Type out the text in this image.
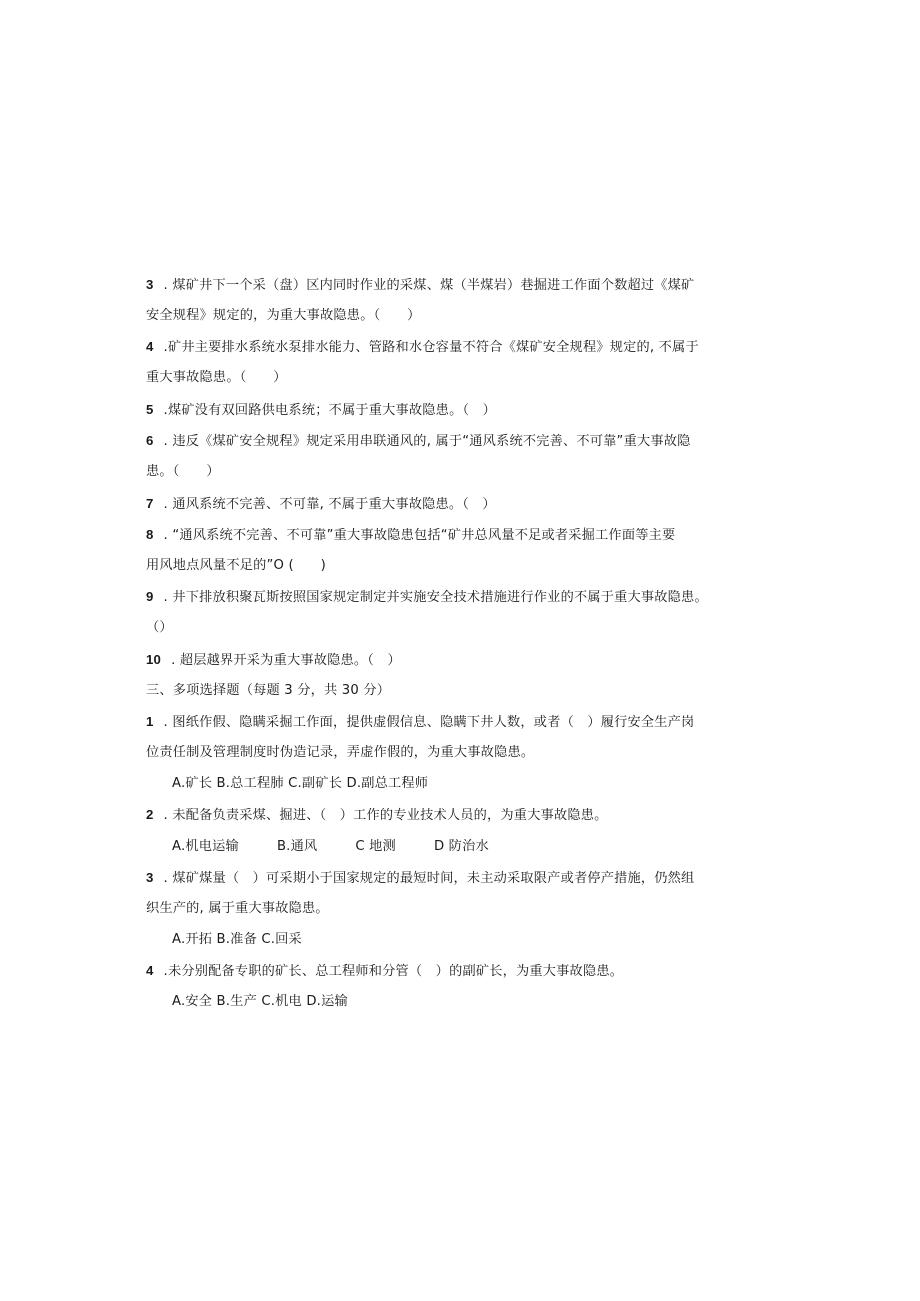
3 . 煤矿井下一个采（盘）区内同时作业的采煤、煤（半煤岩）巷掘进工作面个数超过《煤矿
安全规程》规定的，为重大事故隐患。（　　）
4 .矿井主要排水系统水泵排水能力、管路和水仓容量不符合《煤矿安全规程》规定的, 不属于
重大事故隐患。（　　）
5 .煤矿没有双回路供电系统；不属于重大事故隐患。（　）
6 . 违反《煤矿安全规程》规定采用串联通风的, 属于“通风系统不完善、不可靠”重大事故隐
患。（　　）
7 . 通风系统不完善、不可靠, 不属于重大事故隐患。（　）
8 . “通风系统不完善、不可靠”重大事故隐患包括“矿井总风量不足或者采掘工作面等主要
用风地点风量不足的”O (　　)
9 . 井下排放积聚瓦斯按照国家规定制定并实施安全技术措施进行作业的不属于重大事故隐患。
（）
10 . 超层越界开采为重大事故隐患。（　）
三、多项选择题（每题 3 分，共 30 分）
1 . 图纸作假、隐瞒采掘工作面，提供虚假信息、隐瞒下井人数，或者（　）履行安全生产岗
位责任制及管理制度时伪造记录，弄虚作假的，为重大事故隐患。
A.矿长 B.总工程肺 C.副矿长 D.副总工程师
2 . 未配备负责采煤、掘进、（　）工作的专业技术人员的，为重大事故隐患。
A.机电运输	B.通风	C 地测	D 防治水
3 . 煤矿煤量（　）可采期小于国家规定的最短时间，未主动采取限产或者停产措施，仍然组
织生产的, 属于重大事故隐患。
A.开拓 B.准备 C.回采
4 .未分别配备专职的矿长、总工程师和分管（　）的副矿长，为重大事故隐患。
A.安全 B.生产 C.机电 D.运输
